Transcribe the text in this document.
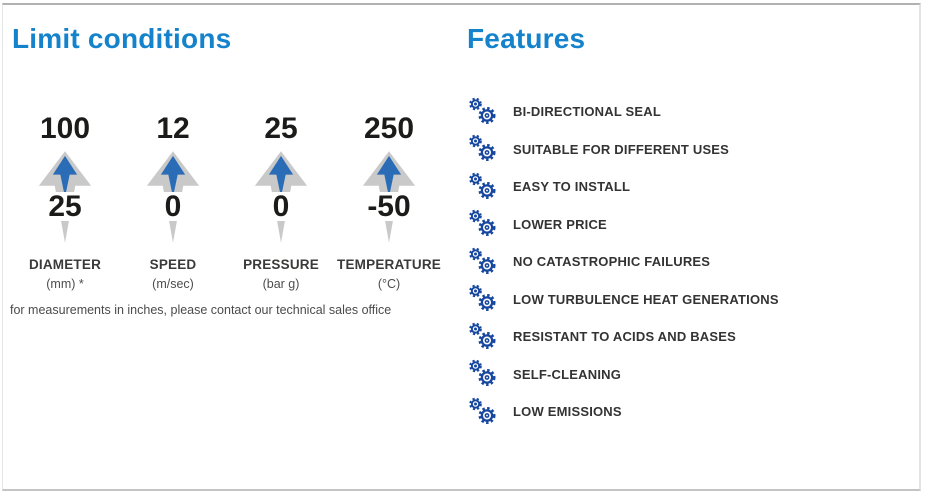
Limit conditions
100
25
DIAMETER
(mm) *
12
0
SPEED
(m/sec)
25
0
PRESSURE
(bar g)
250
-50
TEMPERATURE
(°C)
for measurements in inches, please contact our technical sales office
Features
BI-DIRECTIONAL SEAL
SUITABLE FOR DIFFERENT USES
EASY TO INSTALL
LOWER PRICE
NO CATASTROPHIC FAILURES
LOW TURBULENCE HEAT GENERATIONS
RESISTANT TO ACIDS AND BASES
SELF-CLEANING
LOW EMISSIONS
